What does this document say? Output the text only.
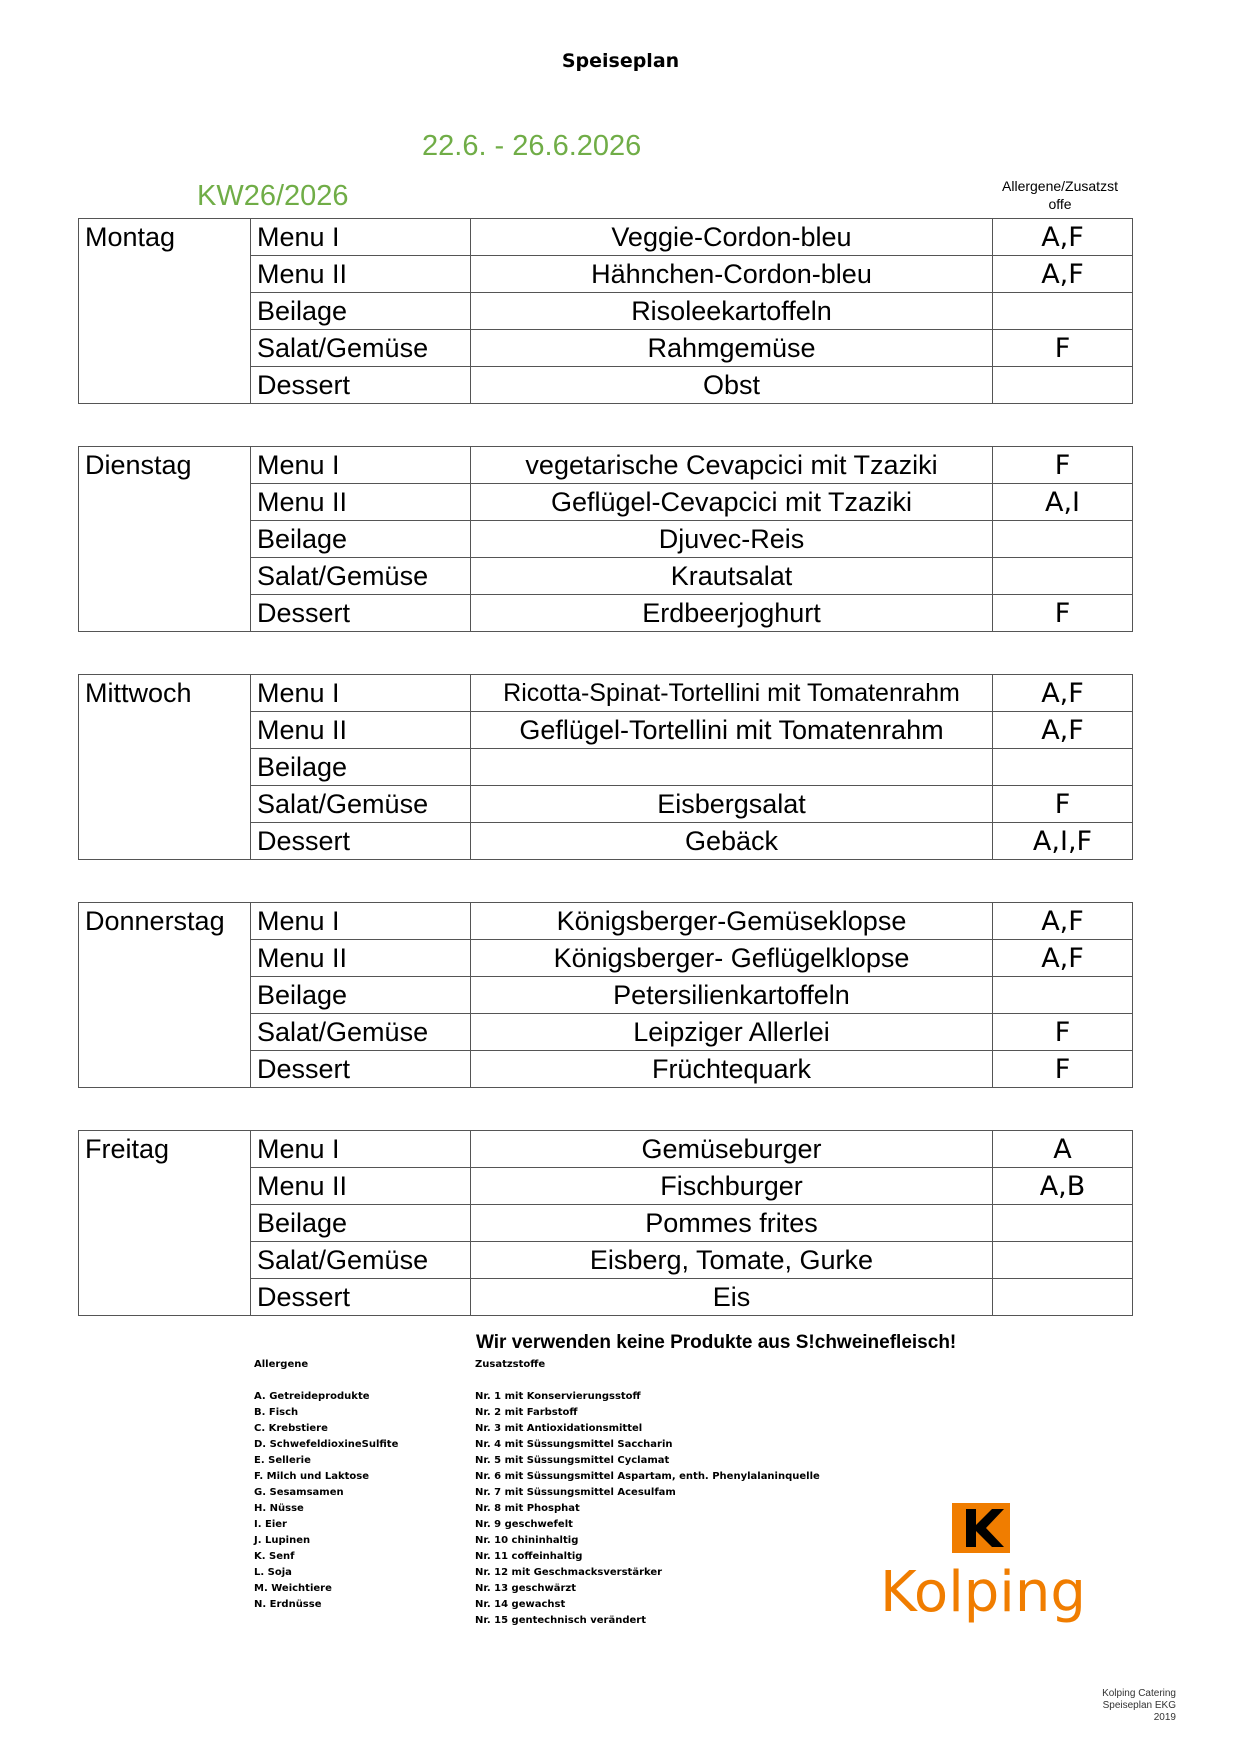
Speiseplan
22.6. - 26.6.2026
KW26/2026	Allergene/Zusatzst
offe
Montag	Menu I	Veggie-Cordon-bleu	A,F
	Menu II	Hähnchen-Cordon-bleu	A,F
	Beilage	Risoleekartoffeln	
	Salat/Gemüse	Rahmgemüse	F
	Dessert	Obst	
Dienstag	Menu I	vegetarische Cevapcici mit Tzaziki	F
	Menu II	Geflügel-Cevapcici mit Tzaziki	A,I
	Beilage	Djuvec-Reis	
	Salat/Gemüse	Krautsalat	
	Dessert	Erdbeerjoghurt	F
Mittwoch	Menu I	Ricotta-Spinat-Tortellini mit Tomatenrahm	A,F
	Menu II	Geflügel-Tortellini mit Tomatenrahm	A,F
	Beilage		
	Salat/Gemüse	Eisbergsalat	F
	Dessert	Gebäck	A,I,F
Donnerstag	Menu I	Königsberger-Gemüseklopse	A,F
	Menu II	Königsberger- Geflügelklopse	A,F
	Beilage	Petersilienkartoffeln	
	Salat/Gemüse	Leipziger Allerlei	F
	Dessert	Früchtequark	F
Freitag	Menu I	Gemüseburger	A
	Menu II	Fischburger	A,B
	Beilage	Pommes frites	
	Salat/Gemüse	Eisberg, Tomate, Gurke	
	Dessert	Eis	
Wir verwenden keine Produkte aus S!chweinefleisch!
Allergene
A. Getreideprodukte
B. Fisch
C. Krebstiere
D. SchwefeldioxineSulfite
E. Sellerie
F. Milch und Laktose
G. Sesamsamen
H. Nüsse
I. Eier
J. Lupinen
K. Senf
L. Soja
M. Weichtiere
N. Erdnüsse
Zusatzstoffe
Nr. 1 mit Konservierungsstoff
Nr. 2 mit Farbstoff
Nr. 3 mit Antioxidationsmittel
Nr. 4 mit Süssungsmittel Saccharin
Nr. 5 mit Süssungsmittel Cyclamat
Nr. 6 mit Süssungsmittel Aspartam, enth. Phenylalaninquelle
Nr. 7 mit Süssungsmittel Acesulfam
Nr. 8 mit Phosphat
Nr. 9 geschwefelt
Nr. 10 chininhaltig
Nr. 11 coffeinhaltig
Nr. 12 mit Geschmacksverstärker
Nr. 13 geschwärzt
Nr. 14 gewachst
Nr. 15 gentechnisch verändert	Kolping
Kolping Catering
Speiseplan EKG
2019
